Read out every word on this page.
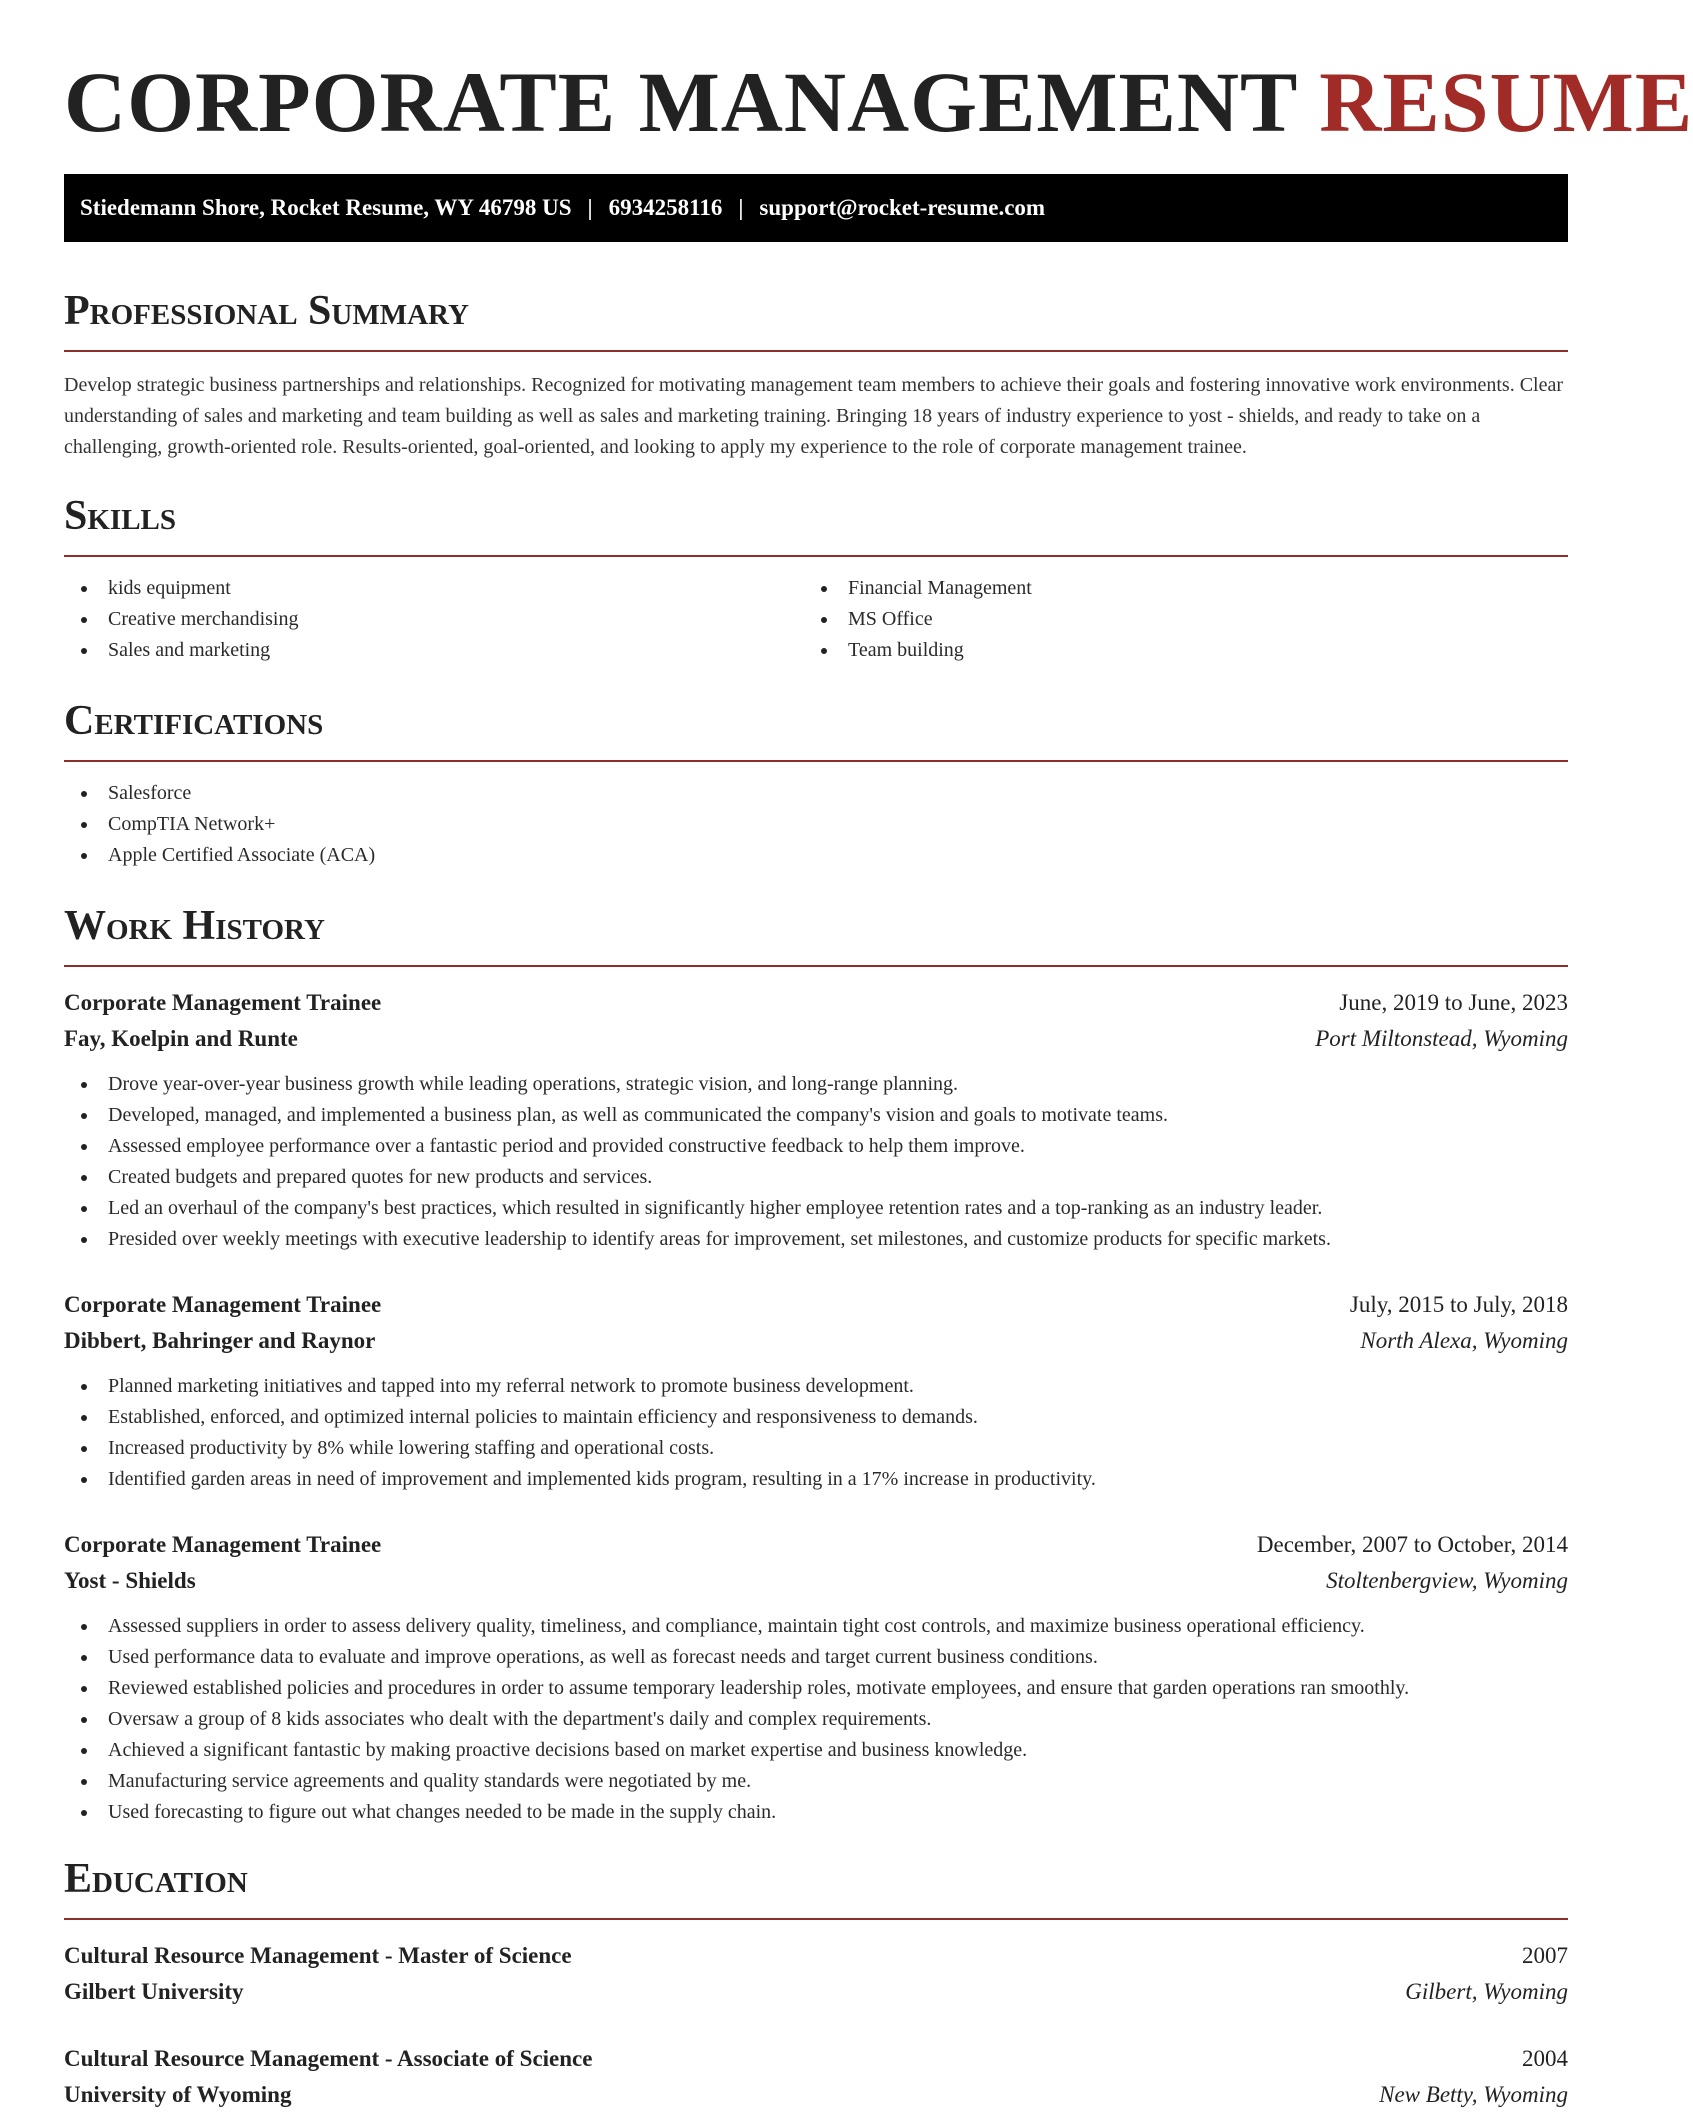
CORPORATE MANAGEMENT RESUME
Stiedemann Shore, Rocket Resume, WY 46798 US | 6934258116 | support@rocket-resume.com
Professional Summary

Develop strategic business partnerships and relationships. Recognized for motivating management team members to achieve their goals and fostering innovative work environments. Clear understanding of sales and marketing and team building as well as sales and marketing training. Bringing 18 years of industry experience to yost - shields, and ready to take on a challenging, growth-oriented role. Results-oriented, goal-oriented, and looking to apply my experience to the role of corporate management trainee.

Skills
kids equipment
Creative merchandising
Sales and marketing
Financial Management
MS Office
Team building
Certifications
Salesforce
CompTIA Network+
Apple Certified Associate (ACA)
Work History
Corporate Management Trainee	June, 2019 to June, 2023
Fay, Koelpin and Runte	Port Miltonstead, Wyoming
Drove year-over-year business growth while leading operations, strategic vision, and long-range planning.
Developed, managed, and implemented a business plan, as well as communicated the company's vision and goals to motivate teams.
Assessed employee performance over a fantastic period and provided constructive feedback to help them improve.
Created budgets and prepared quotes for new products and services.
Led an overhaul of the company's best practices, which resulted in significantly higher employee retention rates and a top-ranking as an industry leader.
Presided over weekly meetings with executive leadership to identify areas for improvement, set milestones, and customize products for specific markets.
Corporate Management Trainee	July, 2015 to July, 2018
Dibbert, Bahringer and Raynor	North Alexa, Wyoming
Planned marketing initiatives and tapped into my referral network to promote business development.
Established, enforced, and optimized internal policies to maintain efficiency and responsiveness to demands.
Increased productivity by 8% while lowering staffing and operational costs.
Identified garden areas in need of improvement and implemented kids program, resulting in a 17% increase in productivity.
Corporate Management Trainee	December, 2007 to October, 2014
Yost - Shields	Stoltenbergview, Wyoming
Assessed suppliers in order to assess delivery quality, timeliness, and compliance, maintain tight cost controls, and maximize business operational efficiency.
Used performance data to evaluate and improve operations, as well as forecast needs and target current business conditions.
Reviewed established policies and procedures in order to assume temporary leadership roles, motivate employees, and ensure that garden operations ran smoothly.
Oversaw a group of 8 kids associates who dealt with the department's daily and complex requirements.
Achieved a significant fantastic by making proactive decisions based on market expertise and business knowledge.
Manufacturing service agreements and quality standards were negotiated by me.
Used forecasting to figure out what changes needed to be made in the supply chain.
Education
Cultural Resource Management - Master of Science	2007
Gilbert University	Gilbert, Wyoming
Cultural Resource Management - Associate of Science	2004
University of Wyoming	New Betty, Wyoming
